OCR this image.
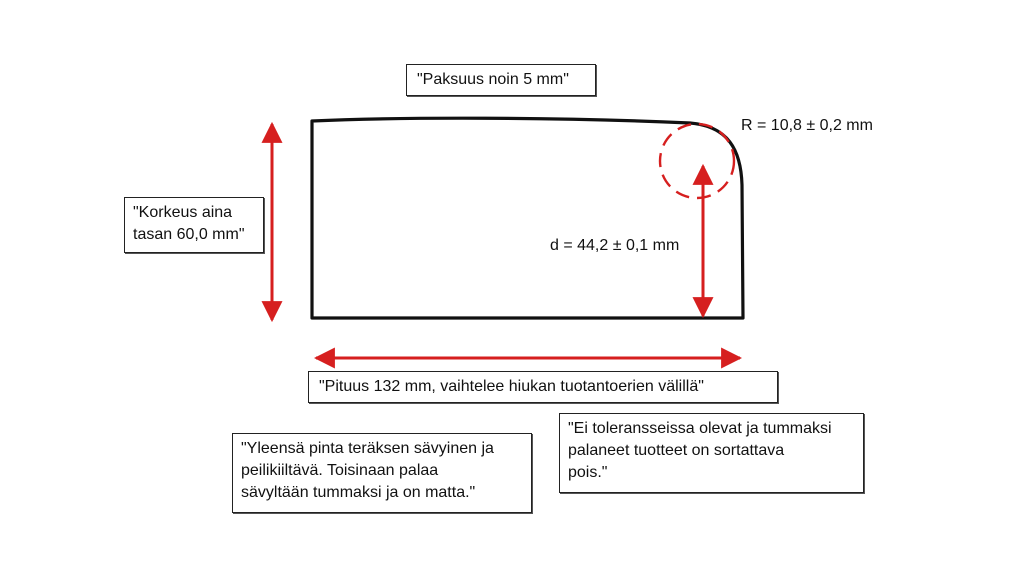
"Paksuus noin 5 mm"
R = 10,8 ± 0,2 mm
"Korkeus aina
tasan 60,0 mm"
d = 44,2 ± 0,1 mm
"Pituus 132 mm, vaihtelee hiukan tuotantoerien välillä"
"Yleensä pinta teräksen sävyinen ja
peilikiiltävä. Toisinaan palaa
sävyltään tummaksi ja on matta."
"Ei toleransseissa olevat ja tummaksi
palaneet tuotteet on sortattava
pois."
